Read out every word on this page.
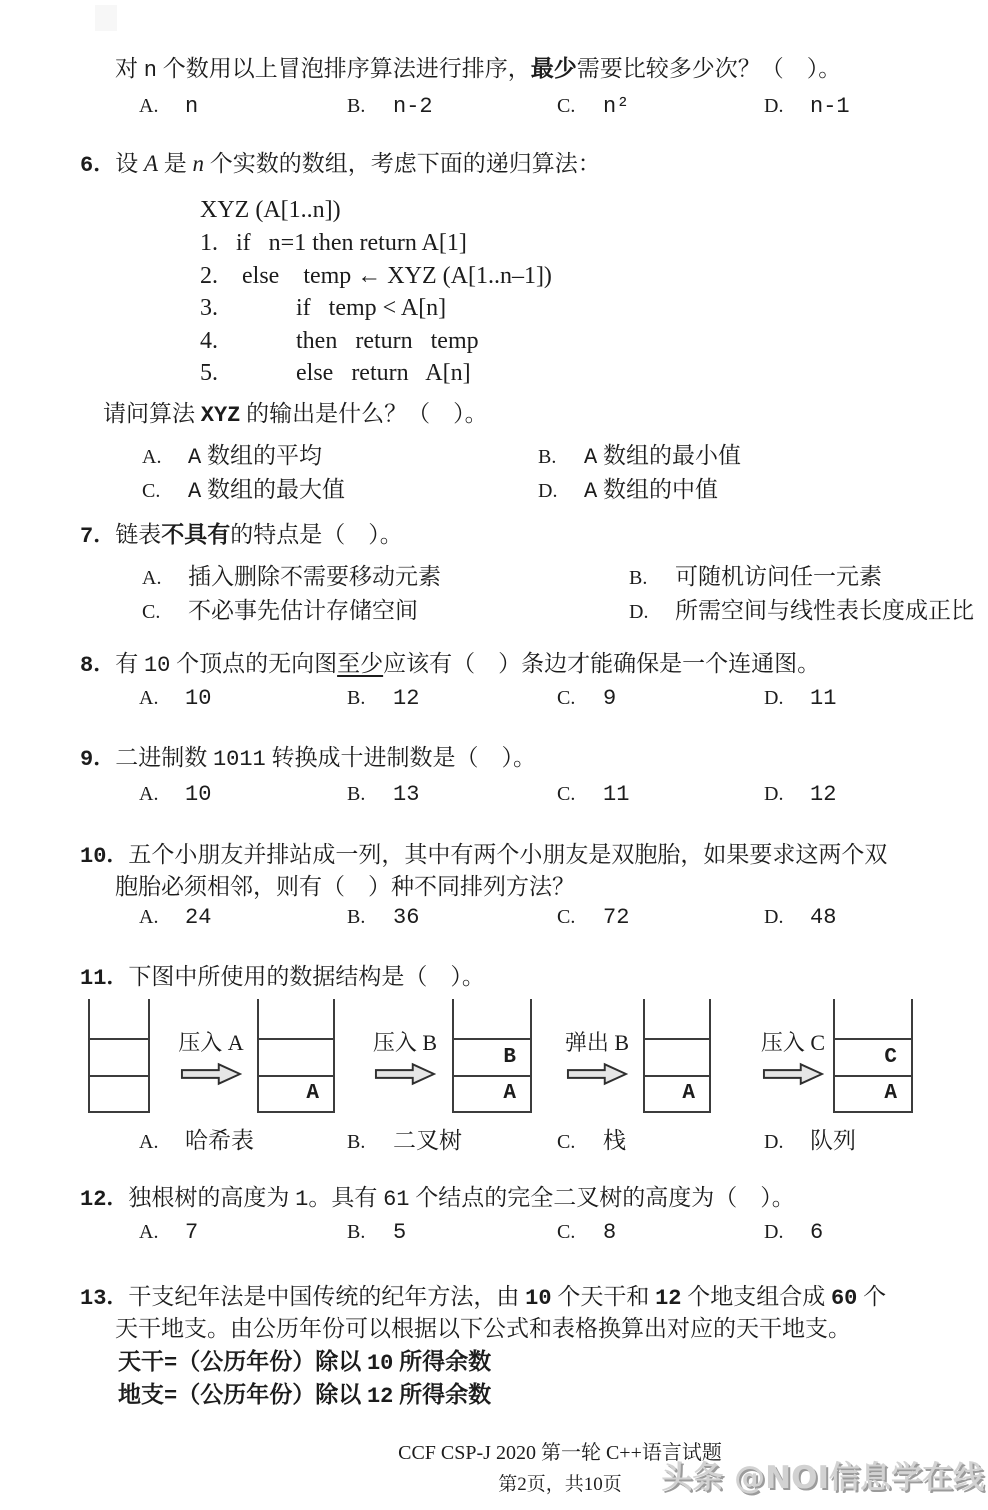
对 n 个数用以上冒泡排序算法进行排序，最少需要比较多少次？（　）。
A. n	B. n-2	C. n²	D. n-1
6．设 A 是 n 个实数的数组，考虑下面的递归算法：
XYZ (A[1..n])
1.   if   n=1 then return A[1]
2.    else    temp ← XYZ (A[1..n–1])
3.             if   temp < A[n]
4.             then   return   temp
5.             else   return   A[n]
请问算法 XYZ 的输出是什么？（　）。
A. A 数组的平均	B. A 数组的最小值
C. A 数组的最大值	D. A 数组的中值
7．链表不具有的特点是（　）。
A. 插入删除不需要移动元素	B. 可随机访问任一元素
C. 不必事先估计存储空间	D. 所需空间与线性表长度成正比
8．有 10 个顶点的无向图至少应该有（　）条边才能确保是一个连通图。
A. 10	B. 12	C. 9	D. 11
9．二进制数 1011 转换成十进制数是（　）。
A. 10	B. 13	C. 11	D. 12
10．五个小朋友并排站成一列，其中有两个小朋友是双胞胎，如果要求这两个双
胞胎必须相邻，则有（　）种不同排列方法？
A. 24	B. 36	C. 72	D. 48
11．下图中所使用的数据结构是（　）。
压入 A
A
压入 B
B
A
弹出 B
A
压入 C
C
A
A. 哈希表	B. 二叉树	C. 栈	D. 队列
12．独根树的高度为 1。具有 61 个结点的完全二叉树的高度为（　）。
A. 7	B. 5	C. 8	D. 6
13．干支纪年法是中国传统的纪年方法，由 10 个天干和 12 个地支组合成 60 个
天干地支。由公历年份可以根据以下公式和表格换算出对应的天干地支。
天干=（公历年份）除以 10 所得余数
地支=（公历年份）除以 12 所得余数
CCF CSP-J 2020 第一轮 C++语言试题
第2页，共10页	头条 @NOI信息学在线
